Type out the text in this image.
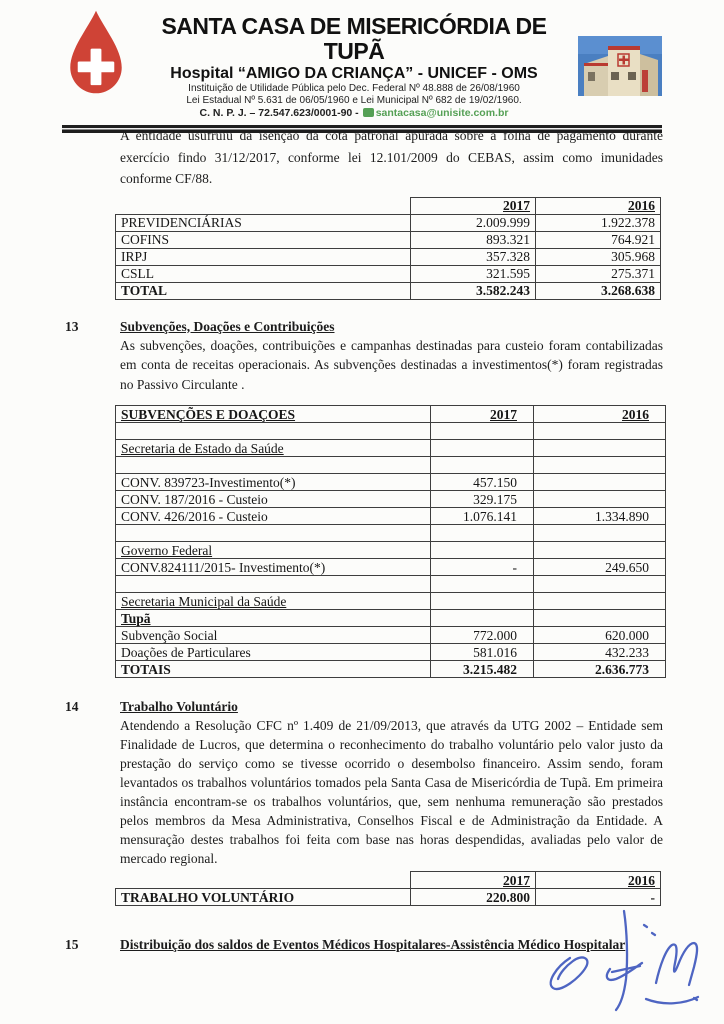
SANTA CASA DE MISERICÓRDIA DE TUPÃ
Hospital “AMIGO DA CRIANÇA” - UNICEF - OMS
Instituição de Utilidade Pública pelo Dec. Federal Nº 48.888 de 26/08/1960
Lei Estadual Nº 5.631 de 06/05/1960 e Lei Municipal Nº 682 de 19/02/1960.
C. N. P. J. – 72.547.623/0001-90 - santacasa@unisite.com.br

A entidade usufruiu da isenção da cota patronal apurada sobre a folha de pagamento durante exercício findo 31/12/2017, conforme lei 12.101/2009 do CEBAS, assim como imunidades conforme CF/88.

	2017	2016
PREVIDENCIÁRIAS	2.009.999	1.922.378
COFINS	893.321	764.921
IRPJ	357.328	305.968
CSLL	321.595	275.371
TOTAL	3.582.243	3.268.638
13	Subvenções, Doações e Contribuições

As subvenções, doações, contribuições e campanhas destinadas para custeio foram contabilizadas em conta de receitas operacionais. As subvenções destinadas a investimentos(*) foram registradas no Passivo Circulante .

SUBVENÇÕES E DOAÇOES	2017	2016

Secretaria de Estado da Saúde		

CONV. 839723-Investimento(*)	457.150	
CONV. 187/2016 - Custeio	329.175	
CONV. 426/2016 - Custeio	1.076.141	1.334.890

Governo Federal		
CONV.824111/2015- Investimento(*)	-	249.650

Secretaria Municipal da Saúde		
Tupã		
Subvenção Social	772.000	620.000
Doações de Particulares	581.016	432.233
TOTAIS	3.215.482	2.636.773
14	Trabalho Voluntário

Atendendo a Resolução CFC nº 1.409 de 21/09/2013, que através da UTG 2002 – Entidade sem Finalidade de Lucros, que determina o reconhecimento do trabalho voluntário pelo valor justo da prestação do serviço como se tivesse ocorrido o desembolso financeiro. Assim sendo, foram levantados os trabalhos voluntários tomados pela Santa Casa de Misericórdia de Tupã. Em primeira instância encontram-se os trabalhos voluntários, que, sem nenhuma remuneração são prestados pelos membros da Mesa Administrativa, Conselhos Fiscal e de Administração da Entidade. A mensuração destes trabalhos foi feita com base nas horas despendidas, avaliadas pelo valor de mercado regional.

	2017	2016
TRABALHO VOLUNTÁRIO	220.800	-
15	Distribuição dos saldos de Eventos Médicos Hospitalares-Assistência Médico Hospitalar
